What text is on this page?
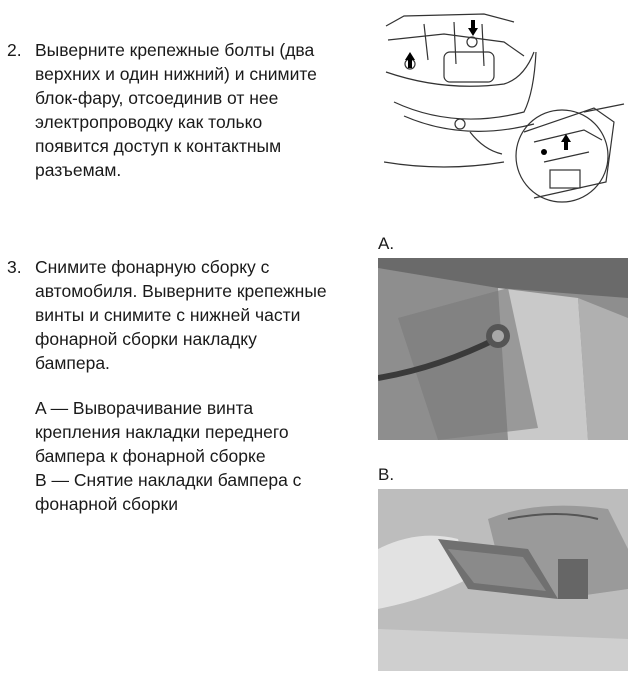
2. Выверните крепежные болты (два
верхних и один нижний) и снимите
блок-фару, отсоединив от нее
электропроводку как только
появится доступ к контактным
разъемам.
3. Снимите фонарную сборку с
автомобиля. Выверните крепежные
винты и снимите с нижней части
фонарной сборки накладку
бампера.
A — Выворачивание винта
крепления накладки переднего
бампера к фонарной сборке
B — Снятие накладки бампера с
фонарной сборки
A.
B.
